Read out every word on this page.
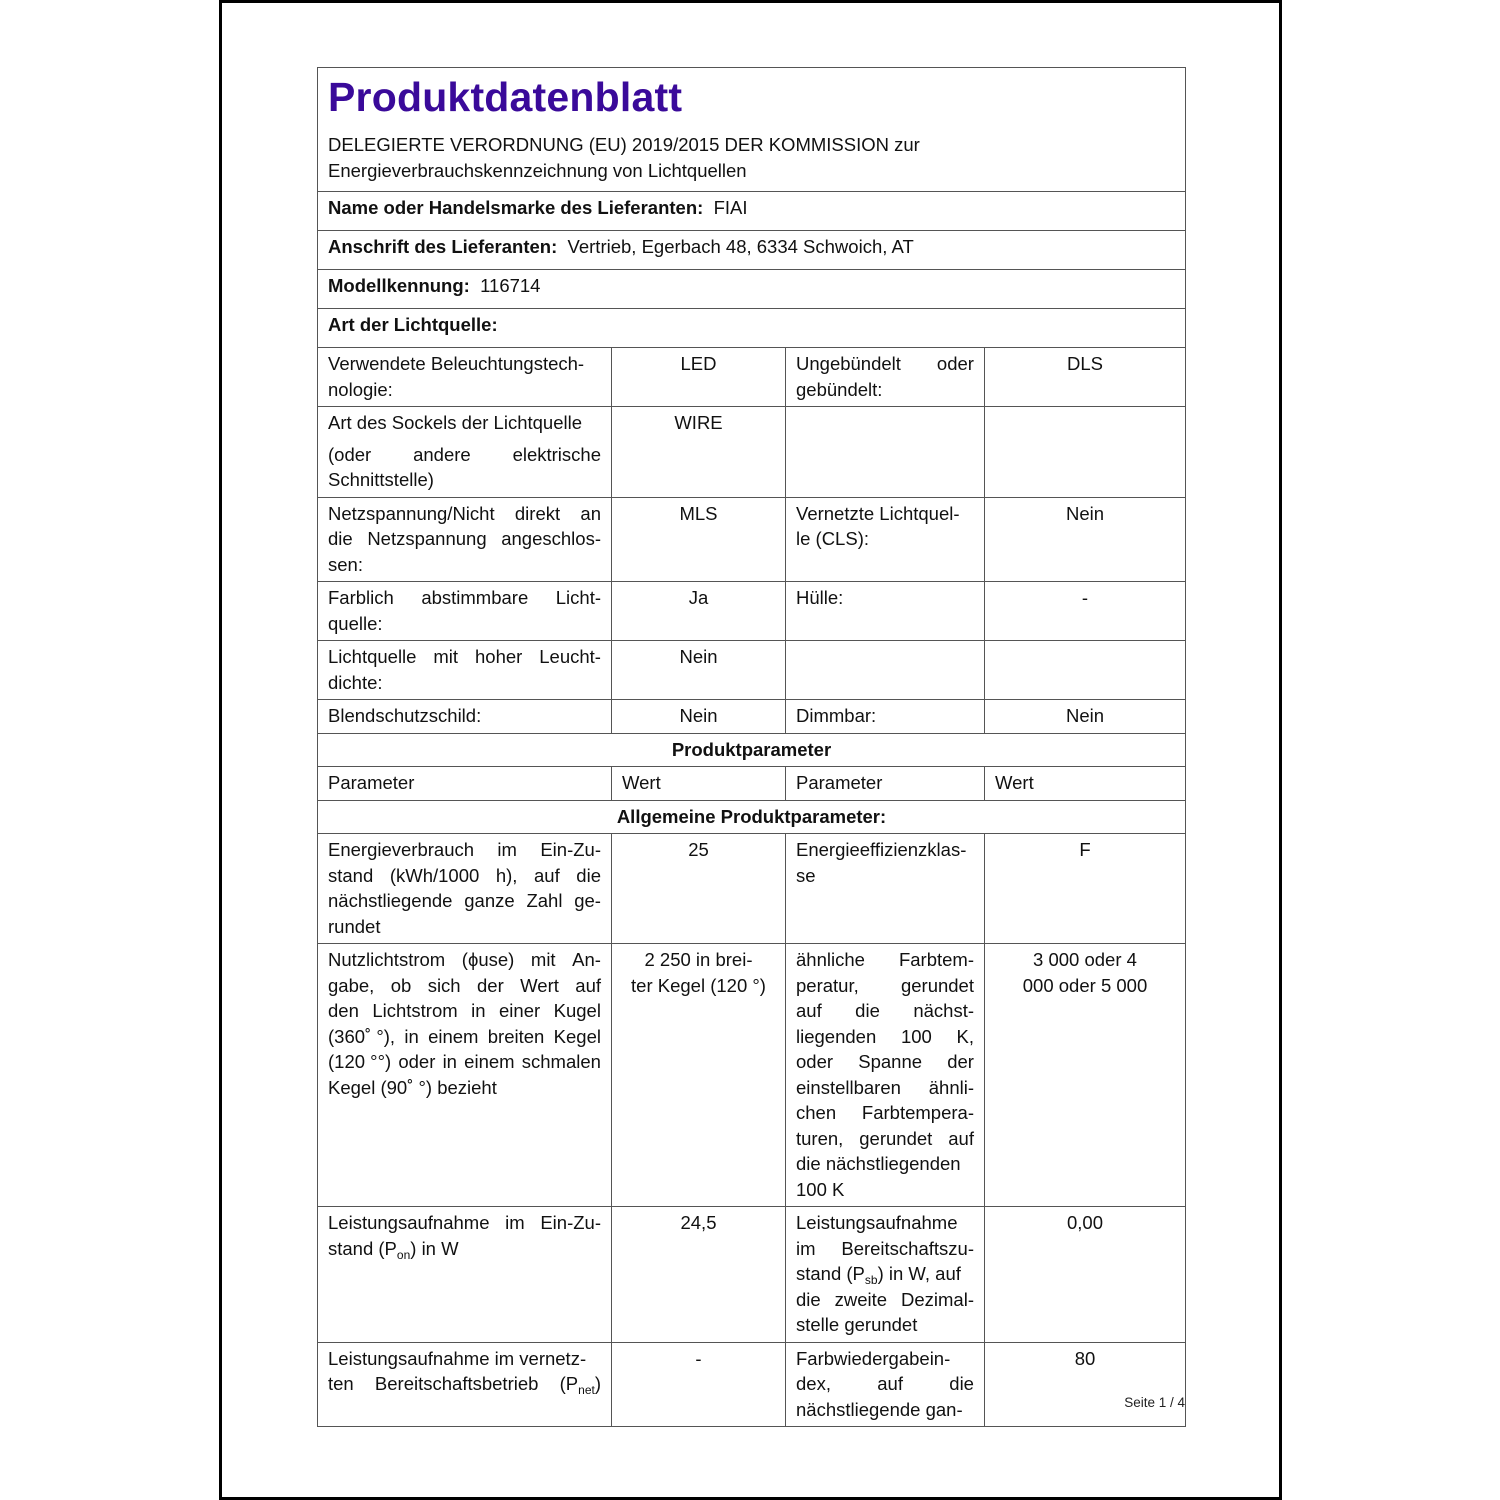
Produktdatenblatt
DELEGIERTE VERORDNUNG (EU) 2019/2015 DER KOMMISSION zur
Energieverbrauchskennzeichnung von Lichtquellen			

Name oder Handelsmarke des Lieferanten: FIAI			
Anschrift des Lieferanten: Vertrieb, Egerbach 48, 6334 Schwoich, AT			
Modellkennung: 116714			
Art der Lichtquelle:			
Verwendete Beleuchtungstech-
nologie:	LED	Ungebündelt       oder
gebündelt:	DLS
Art des Sockels der Lichtquelle
(oder andere elektrische
Schnittstelle)	WIRE		

Netzspannung/Nicht direkt an
die Netzspannung angeschlos-
sen:	MLS	Vernetzte Lichtquel-
le (CLS):	Nein

Farblich abstimmbare Licht-
quelle:	Ja	Hülle:	-

Lichtquelle mit hoher Leucht-
dichte:	Nein		
Blendschutzschild:	Nein	Dimmbar:	Nein
Produktparameter			
Parameter	Wert	Parameter	Wert
Allgemeine Produktparameter:			

Energieverbrauch im Ein-Zu-
stand (kWh/1000 h), auf die
nächstliegende ganze Zahl ge-
rundet	25	Energieeffizienzklas-
se	F

Nutzlichtstrom (ϕuse) mit An-
gabe, ob sich der Wert auf
den Lichtstrom in einer Kugel
(360˚ °), in einem breiten Kegel
(120 °°) oder in einem schmalen
Kegel (90˚ °) bezieht	2 250 in brei-
ter Kegel (120 °)	
ähnliche Farbtem-
peratur, gerundet
auf die nächst-
liegenden 100 K,
oder Spanne der
einstellbaren ähnli-
chen Farbtempera-
turen, gerundet auf
die nächstliegenden
100 K	3 000 oder 4
000 oder 5 000

Leistungsaufnahme im Ein-Zu-
stand $(P_{on})$ in W	24,5	Leistungsaufnahme

im Bereitschaftszu-
stand $(P_{sb})$ in W, auf

die zweite Dezimal-
stelle gerundet	0,00
Leistungsaufnahme im vernetz-

ten Bereitschaftsbetrieb $(P_{net})$	-	Farbwiedergabein-

dex, auf die
nächstliegende gan-	80
Seite 1 / 4
